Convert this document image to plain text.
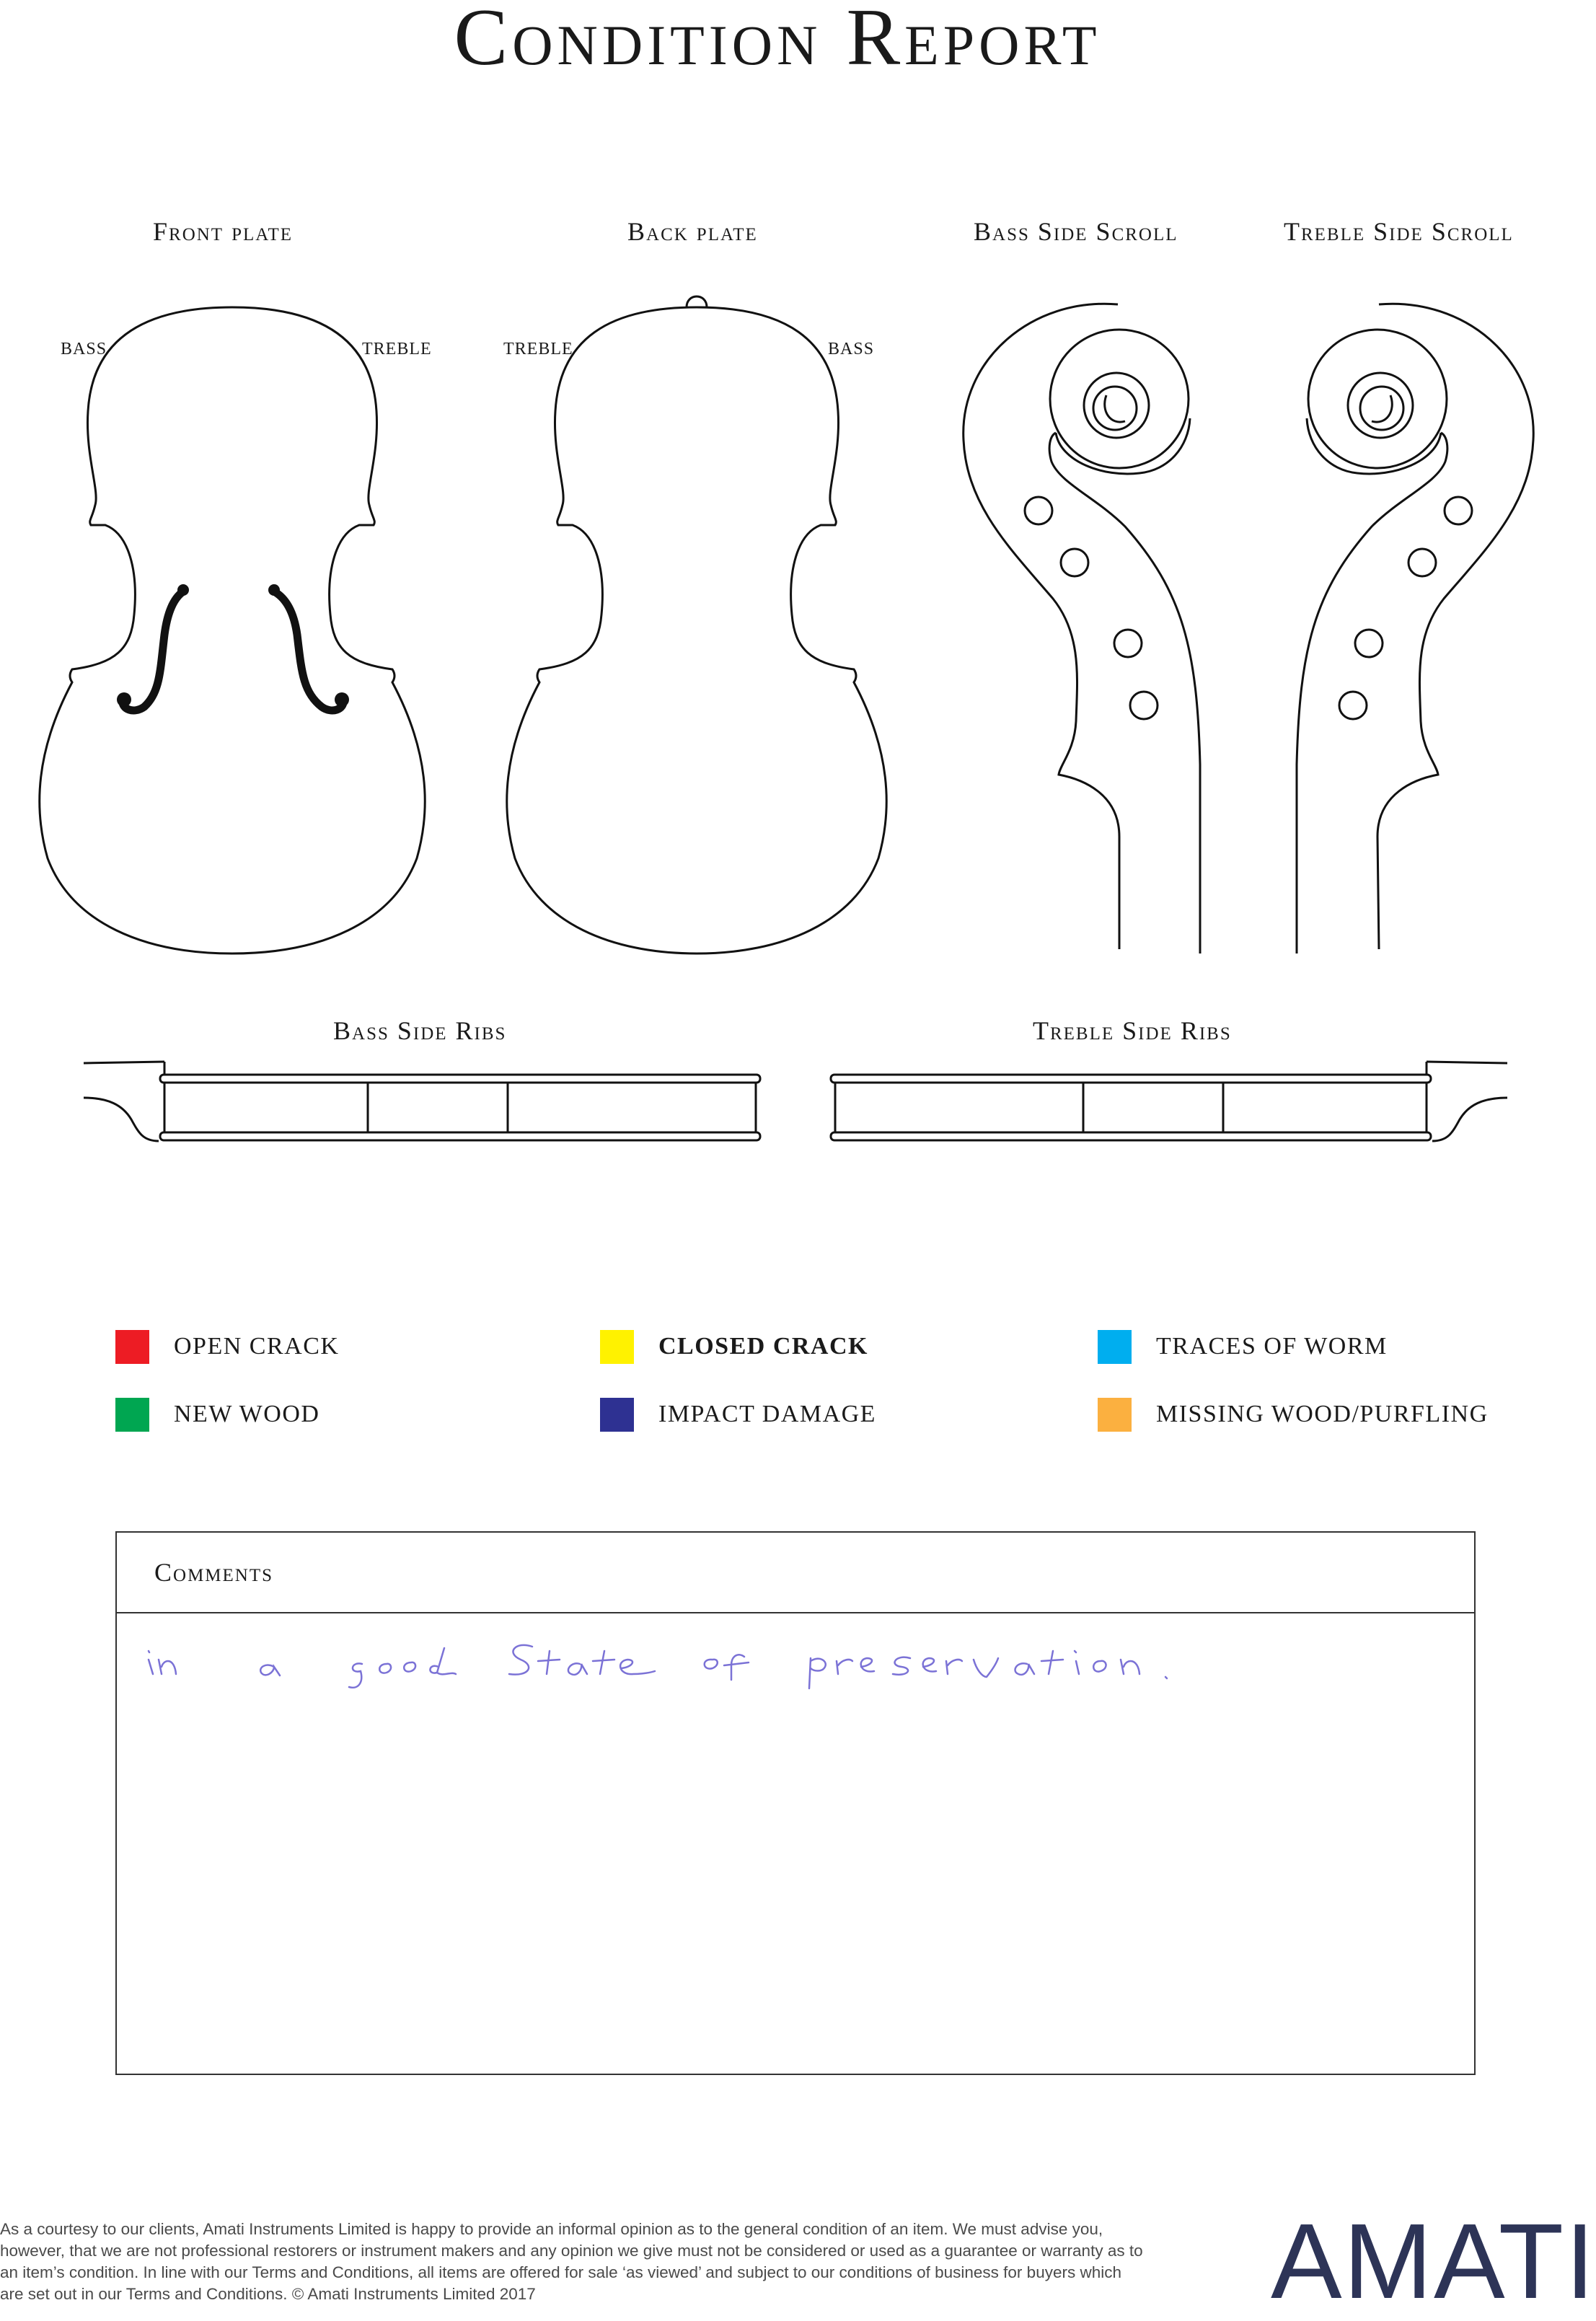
Condition Report
Front plate	Back plate	Bass Side Scroll	Treble Side Scroll
Bass Side Ribs	Treble Side Ribs
BASS	TREBLE	TREBLE	BASS
OPEN CRACK	CLOSED CRACK	TRACES OF WORM
NEW WOOD	IMPACT DAMAGE	MISSING WOOD/PURFLING
Comments
As a courtesy to our clients, Amati Instruments Limited is happy to provide an informal opinion as to the general condition of an item. We must advise you, however, that we are not professional restorers or instrument makers and any opinion we give must not be considered or used as a guarantee or warranty as to an item’s condition. In line with our Terms and Conditions, all items are offered for sale ‘as viewed’ and subject to our conditions of business for buyers which are set out in our Terms and Conditions. © Amati Instruments Limited 2017	AMATI
